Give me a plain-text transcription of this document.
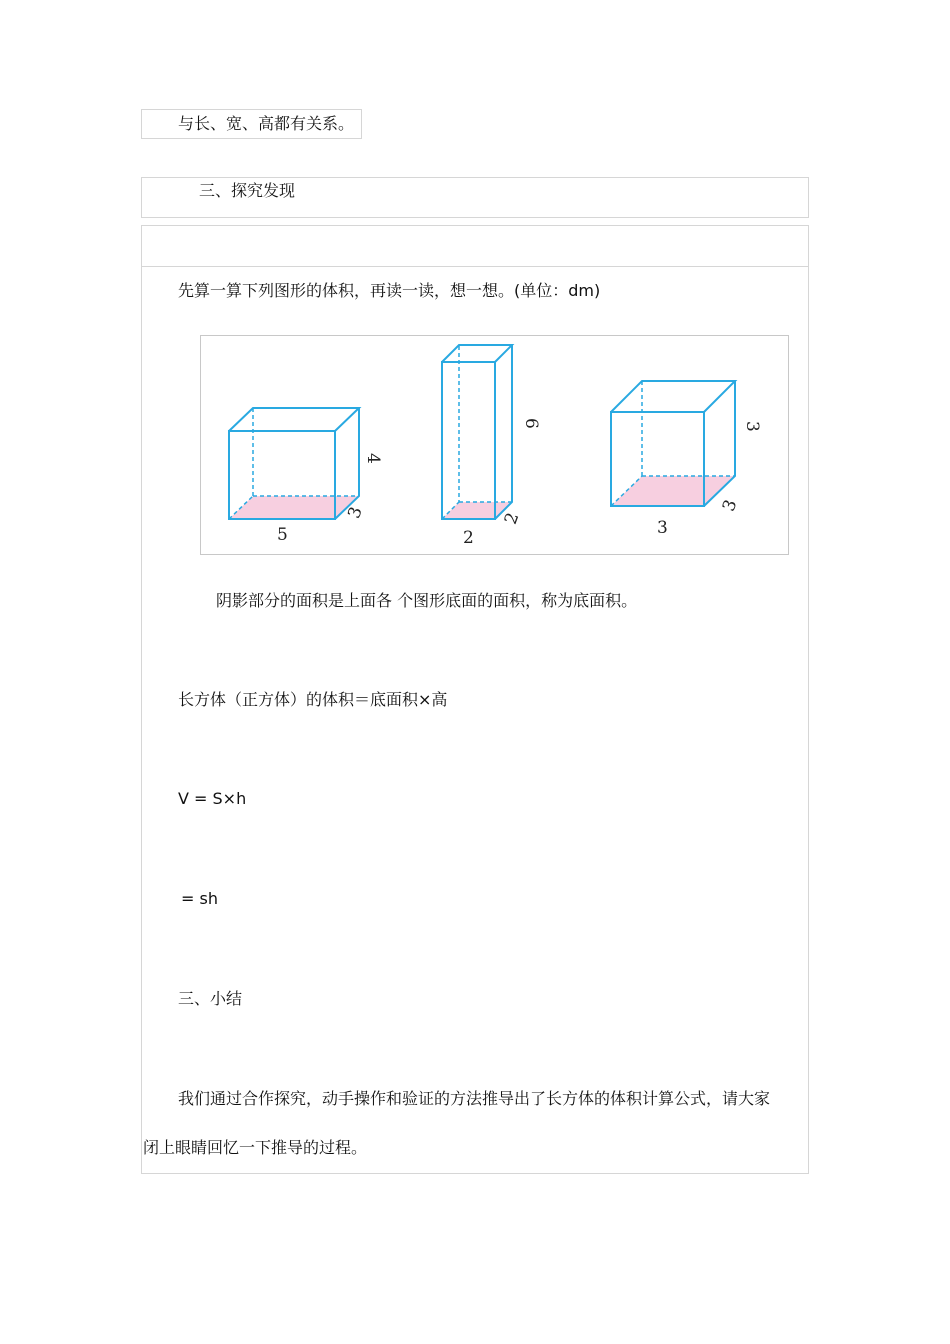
与长、宽、高都有关系。
三、探究发现
先算一算下列图形的体积，再读一读，想一想。(单位：dm)
5
3
4
2
2
6
3
3
3
阴影部分的面积是上面各 个图形底面的面积，称为底面积。
长方体（正方体）的体积＝底面积×高
V = S×h
= sh
三、小结
我们通过合作探究，动手操作和验证的方法推导出了长方体的体积计算公式，请大家
闭上眼睛回忆一下推导的过程。
